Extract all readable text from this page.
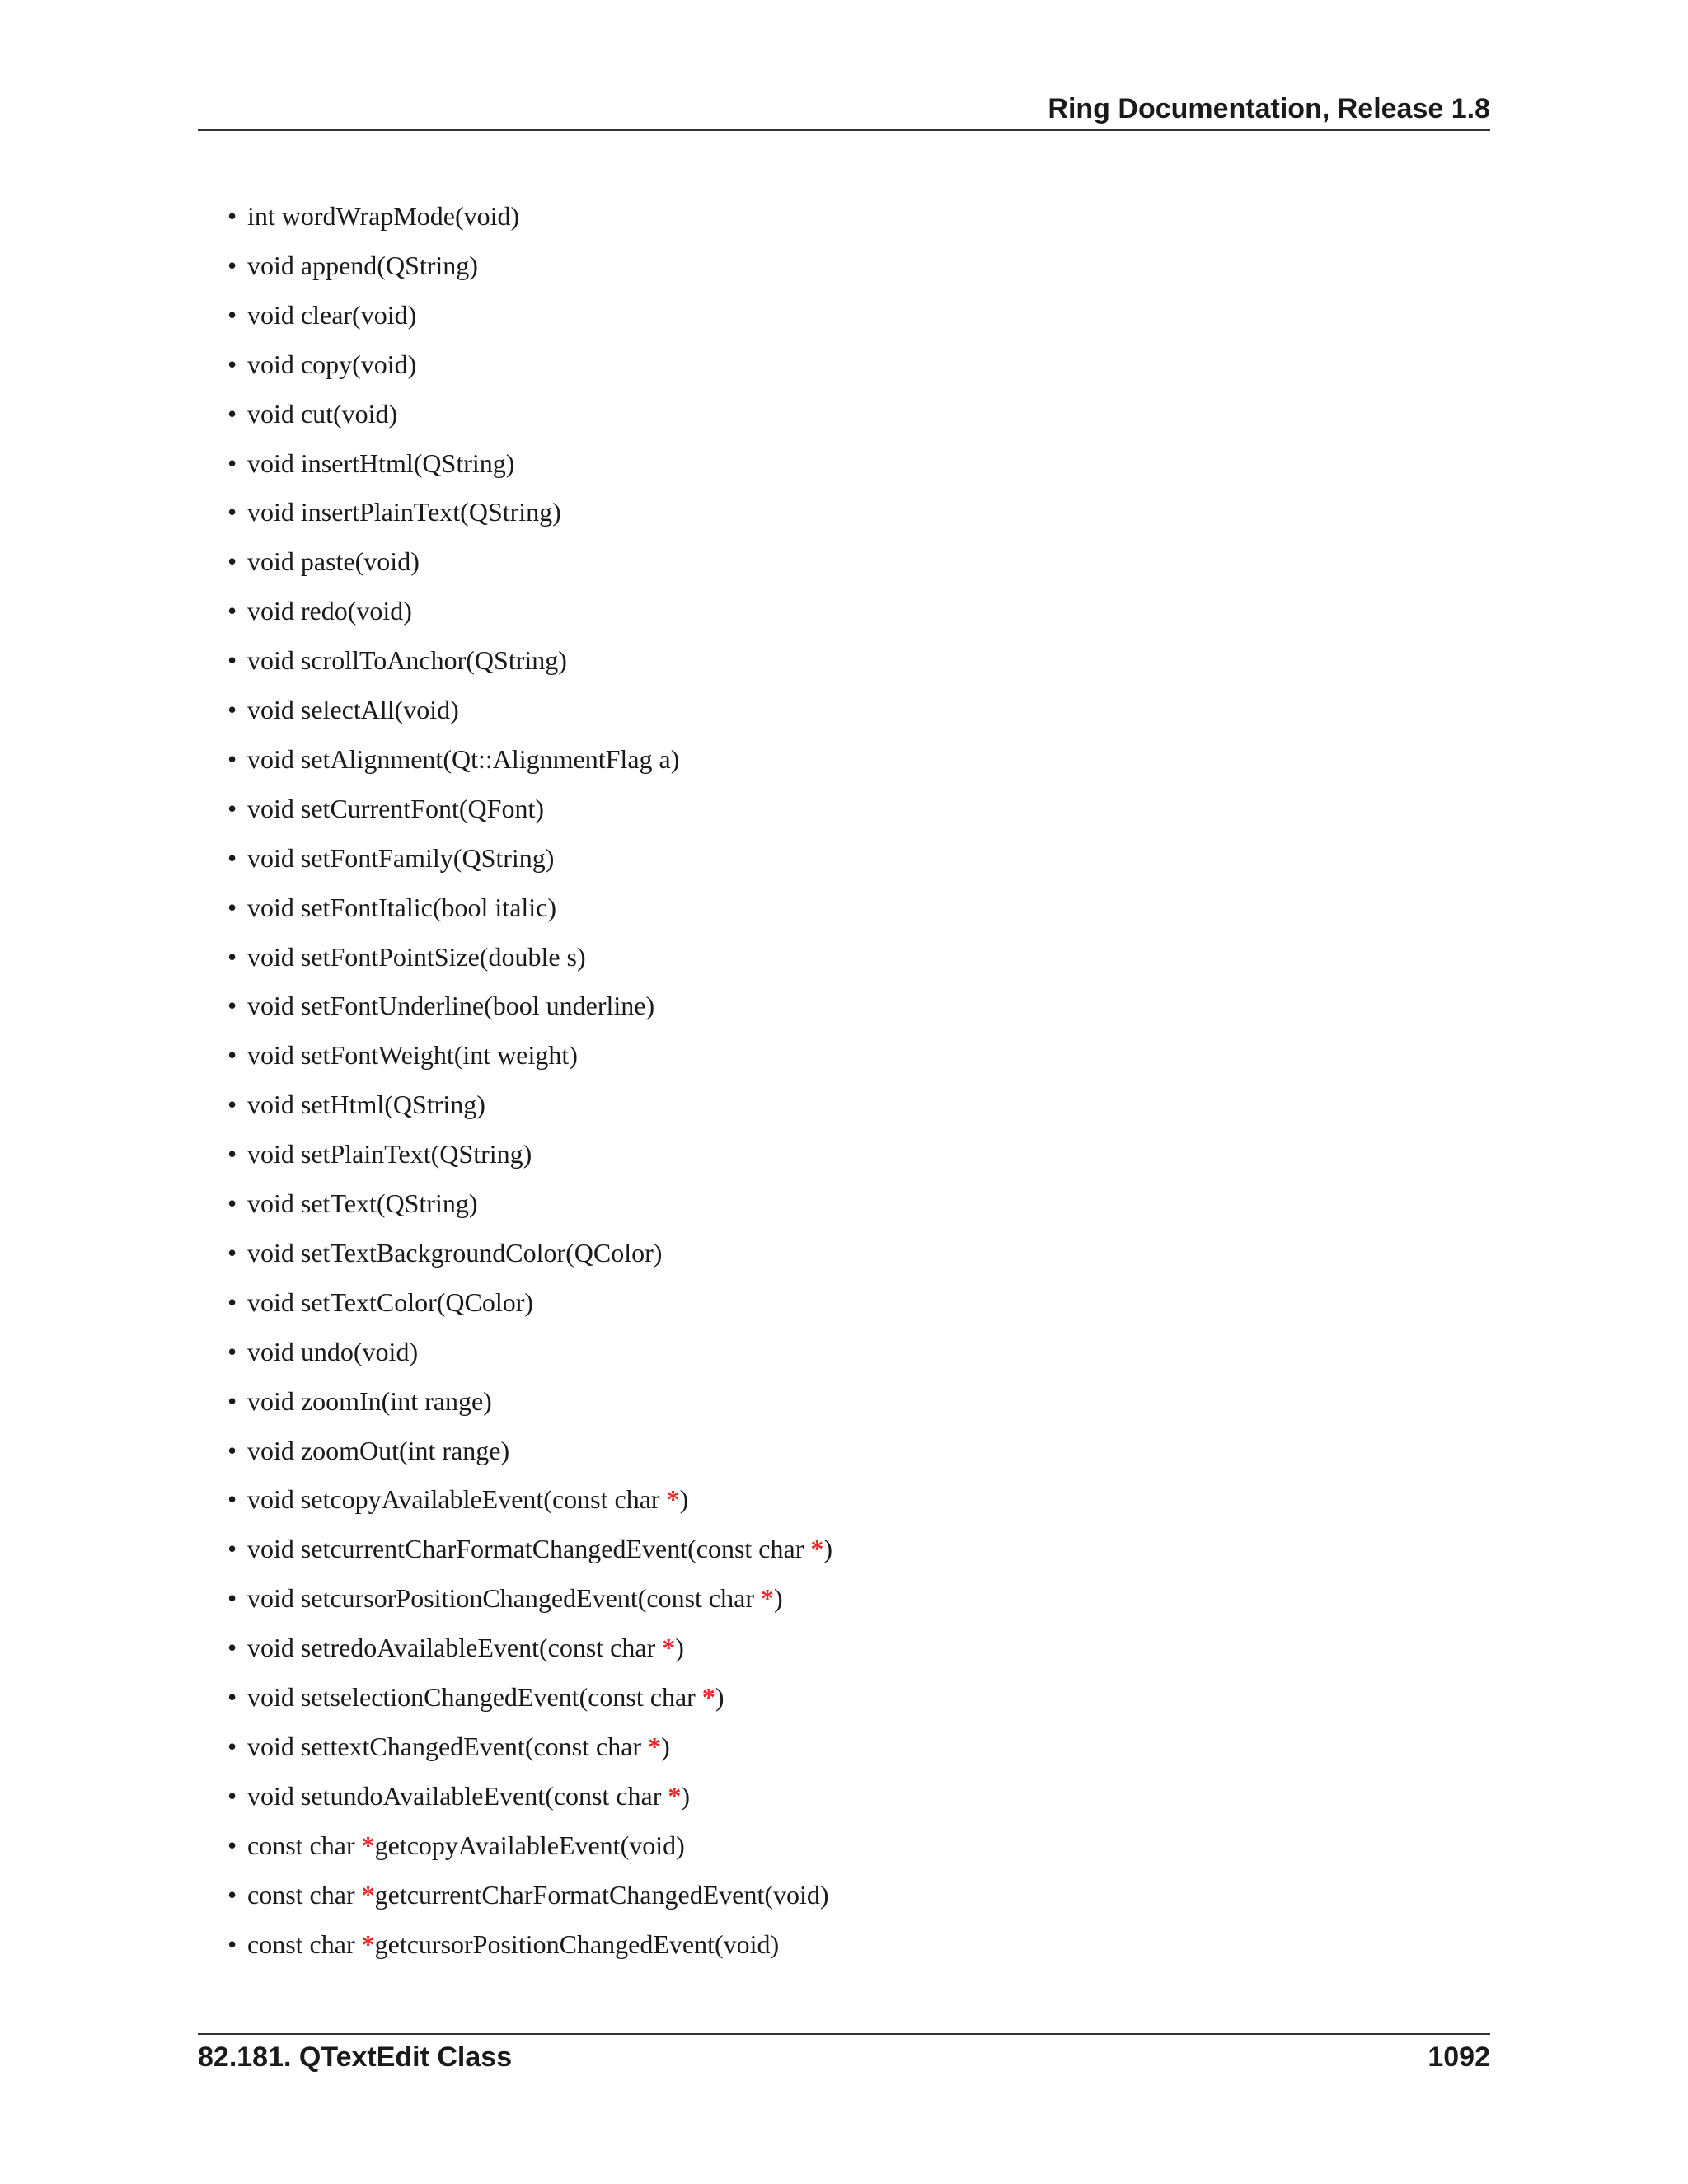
Ring Documentation, Release 1.8
• int wordWrapMode(void)
• void append(QString)
• void clear(void)
• void copy(void)
• void cut(void)
• void insertHtml(QString)
• void insertPlainText(QString)
• void paste(void)
• void redo(void)
• void scrollToAnchor(QString)
• void selectAll(void)
• void setAlignment(Qt::AlignmentFlag a)
• void setCurrentFont(QFont)
• void setFontFamily(QString)
• void setFontItalic(bool italic)
• void setFontPointSize(double s)
• void setFontUnderline(bool underline)
• void setFontWeight(int weight)
• void setHtml(QString)
• void setPlainText(QString)
• void setText(QString)
• void setTextBackgroundColor(QColor)
• void setTextColor(QColor)
• void undo(void)
• void zoomIn(int range)
• void zoomOut(int range)
• void setcopyAvailableEvent(const char *)
• void setcurrentCharFormatChangedEvent(const char *)
• void setcursorPositionChangedEvent(const char *)
• void setredoAvailableEvent(const char *)
• void setselectionChangedEvent(const char *)
• void settextChangedEvent(const char *)
• void setundoAvailableEvent(const char *)
• const char *getcopyAvailableEvent(void)
• const char *getcurrentCharFormatChangedEvent(void)
• const char *getcursorPositionChangedEvent(void)
82.181. QTextEdit Class	1092
